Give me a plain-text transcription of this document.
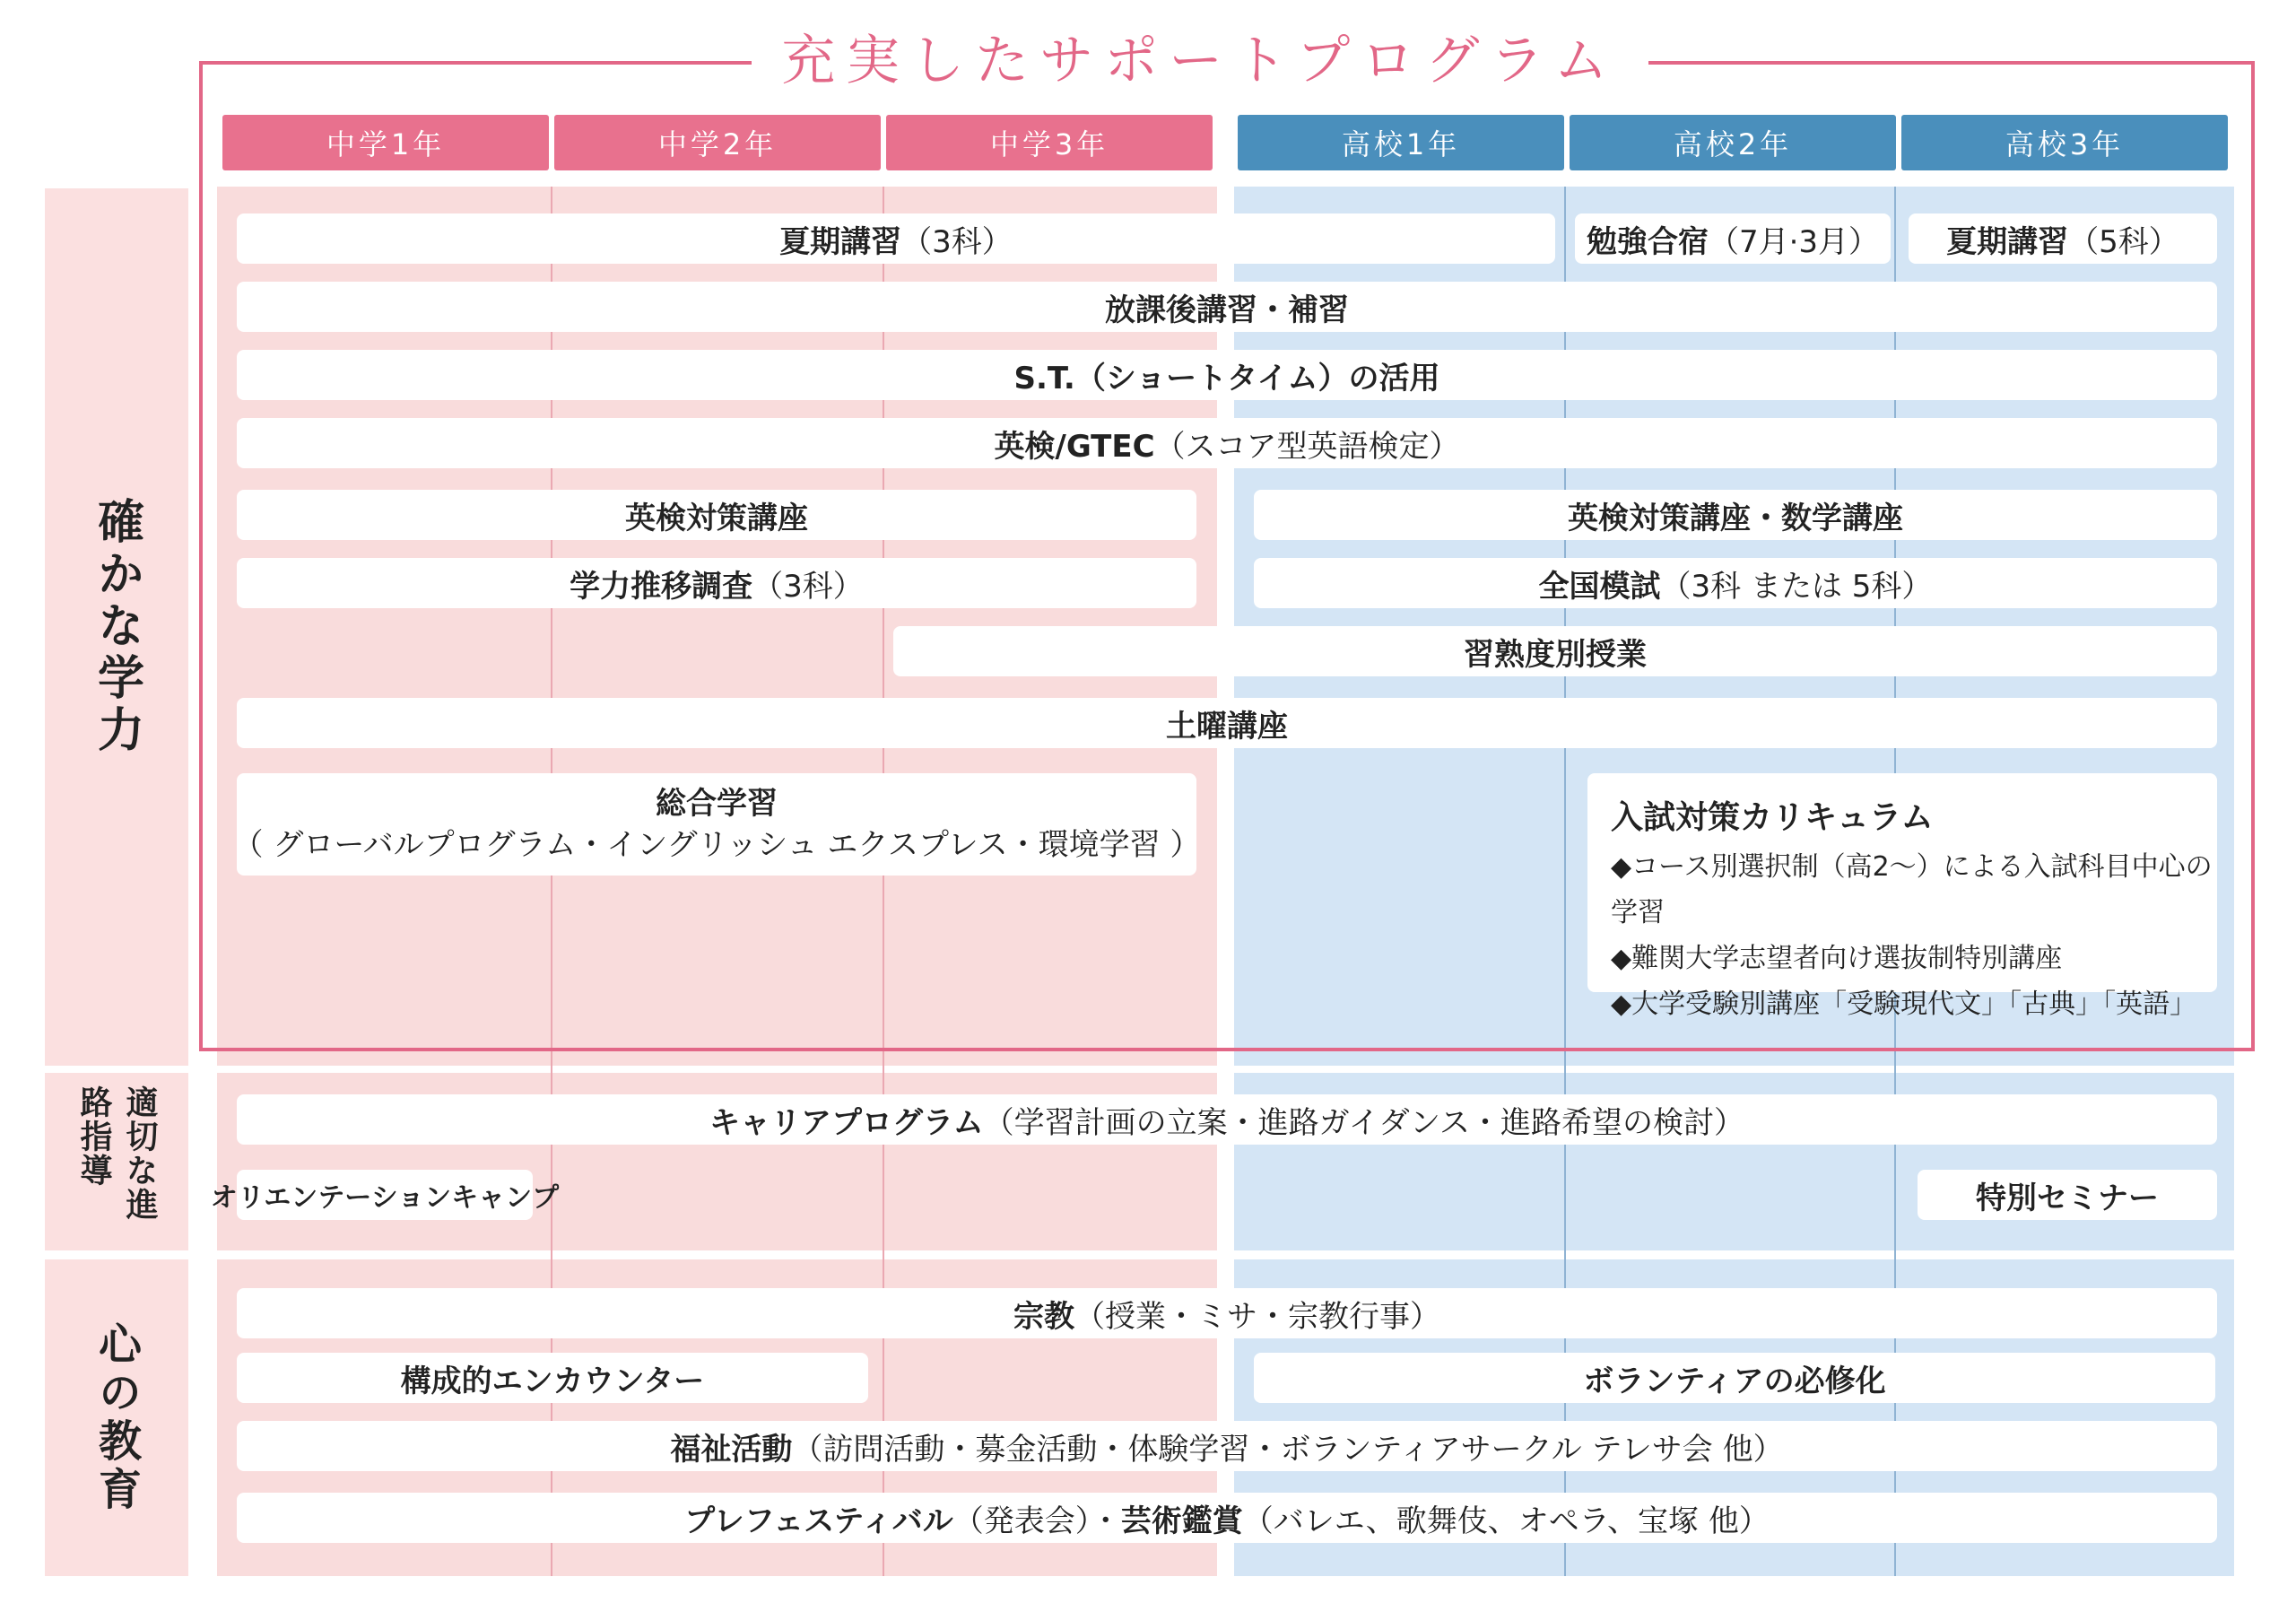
確かな学力
適切な進路指導
心の教育
充実したサポートプログラム
中学1年	中学2年	中学3年	高校1年	高校2年	高校3年
夏期講習 （3科）	勉強合宿 （7月·3月） 夏期講習 （5科）
放課後講習・補習
S.T.（ショートタイム）の活用
英検/GTEC （スコア型英語検定）
英検対策講座	英検対策講座・数学講座
学力推移調査 （3科）	全国模試 （3科 または 5科）
習熟度別授業
土曜講座
総合学習
（ グローバルプログラム・イングリッシュ エクスプレス・環境学習 ）
入試対策カリキュラム
◆コース別選択制（高2〜）による入試科目中心の学習
◆難関大学志望者向け選抜制特別講座
◆大学受験別講座「受験現代文」「古典」「英語」
キャリアプログラム （学習計画の立案・進路ガイダンス・進路希望の検討）
オリエンテーションキャンプ	特別セミナー
宗教 （授業・ミサ・宗教行事）
構成的エンカウンター	ボランティアの必修化
福祉活動 （訪問活動・募金活動・体験学習・ボランティアサークル テレサ会 他）
プレフェスティバル （発表会）・ 芸術鑑賞 （バレエ、歌舞伎、オペラ、宝塚 他）
